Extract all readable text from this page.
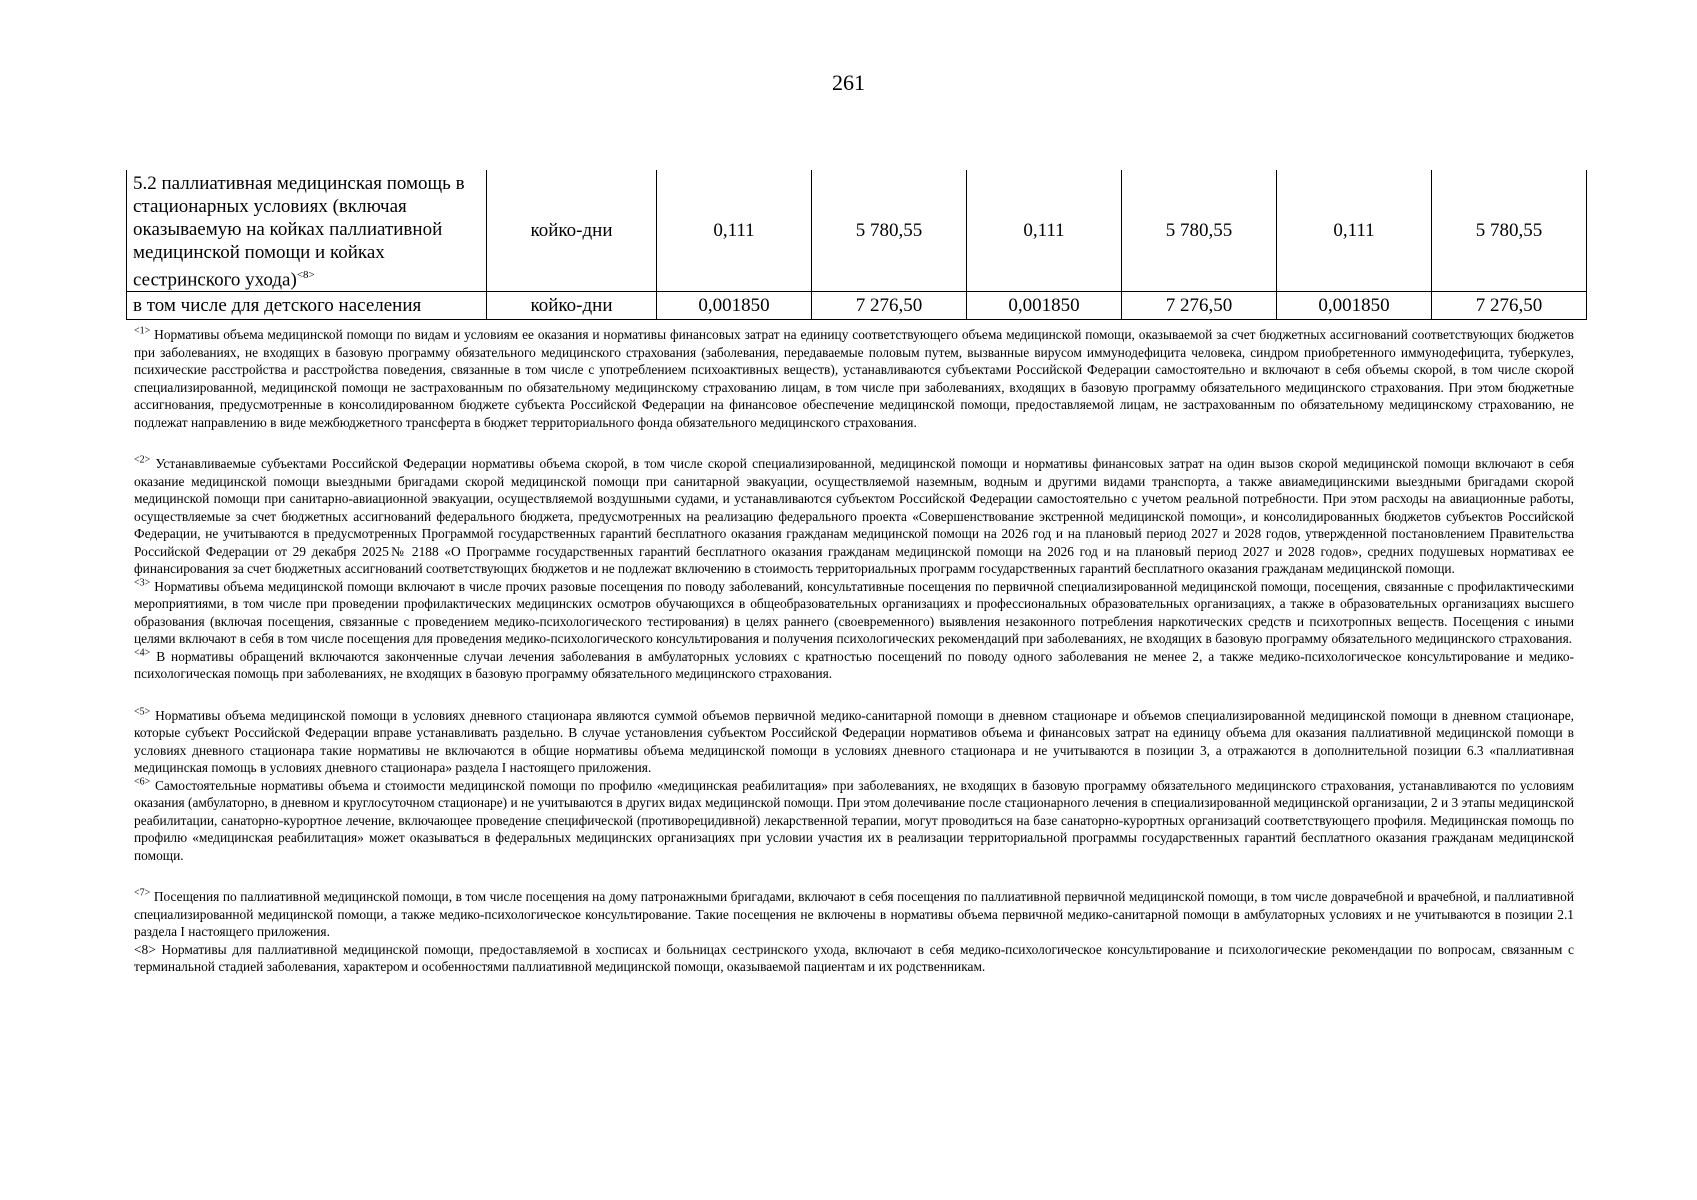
261
5.2 паллиативная медицинская помощь в стационарных условиях (включая оказываемую на койках паллиативной медицинской помощи и койках сестринского ухода)$^{<8>}$	койко-дни	0,111	5 780,55	0,111	5 780,55	0,111	5 780,55
в том числе для детского населения	койко-дни	0,001850	7 276,50	0,001850	7 276,50	0,001850	7 276,50

$^{<1>}$ Нормативы объема медицинской помощи по видам и условиям ее оказания и нормативы финансовых затрат на единицу соответствующего объема медицинской помощи, оказываемой за счет бюджетных ассигнований соответствующих бюджетов при заболеваниях, не входящих в базовую программу обязательного медицинского страхования (заболевания, передаваемые половым путем, вызванные вирусом иммунодефицита человека, синдром приобретенного иммунодефицита, туберкулез, психические расстройства и расстройства поведения, связанные в том числе с употреблением психоактивных веществ), устанавливаются субъектами Российской Федерации самостоятельно и включают в себя объемы скорой, в том числе скорой специализированной, медицинской помощи не застрахованным по обязательному медицинскому страхованию лицам, в том числе при заболеваниях, входящих в базовую программу обязательного медицинского страхования. При этом бюджетные ассигнования, предусмотренные в консолидированном бюджете субъекта Российской Федерации на финансовое обеспечение медицинской помощи, предоставляемой лицам, не застрахованным по обязательному медицинскому страхованию, не подлежат направлению в виде межбюджетного трансферта в бюджет территориального фонда обязательного медицинского страхования.

$^{<2>}$ Устанавливаемые субъектами Российской Федерации нормативы объема скорой, в том числе скорой специализированной, медицинской помощи и нормативы финансовых затрат на один вызов скорой медицинской помощи включают в себя оказание медицинской помощи выездными бригадами скорой медицинской помощи при санитарной эвакуации, осуществляемой наземным, водным и другими видами транспорта, а также авиамедицинскими выездными бригадами скорой медицинской помощи при санитарно-авиационной эвакуации, осуществляемой воздушными судами, и устанавливаются субъектом Российской Федерации самостоятельно с учетом реальной потребности. При этом расходы на авиационные работы, осуществляемые за счет бюджетных ассигнований федерального бюджета, предусмотренных на реализацию федерального проекта «Совершенствование экстренной медицинской помощи», и консолидированных бюджетов субъектов Российской Федерации, не учитываются в предусмотренных Программой государственных гарантий бесплатного оказания гражданам медицинской помощи на 2026 год и на плановый период 2027 и 2028 годов, утвержденной постановлением Правительства Российской Федерации от 29 декабря 2025№ 2188 «О Программе государственных гарантий бесплатного оказания гражданам медицинской помощи на 2026 год и на плановый период 2027 и 2028 годов», средних подушевых нормативах ее финансирования за счет бюджетных ассигнований соответствующих бюджетов и не подлежат включению в стоимость территориальных программ государственных гарантий бесплатного оказания гражданам медицинской помощи.

$^{<3>}$ Нормативы объема медицинской помощи включают в числе прочих разовые посещения по поводу заболеваний, консультативные посещения по первичной специализированной медицинской помощи, посещения, связанные с профилактическими мероприятиями, в том числе при проведении профилактических медицинских осмотров обучающихся в общеобразовательных организациях и профессиональных образовательных организациях, а также в образовательных организациях высшего образования (включая посещения, связанные с проведением медико-психологического тестирования) в целях раннего (своевременного) выявления незаконного потребления наркотических средств и психотропных веществ. Посещения с иными целями включают в себя в том числе посещения для проведения медико-психологического консультирования и получения психологических рекомендаций при заболеваниях, не входящих в базовую программу обязательного медицинского страхования.

$^{<4>}$ В нормативы обращений включаются законченные случаи лечения заболевания в амбулаторных условиях с кратностью посещений по поводу одного заболевания не менее 2, а также медико-психологическое консультирование и медико-психологическая помощь при заболеваниях, не входящих в базовую программу обязательного медицинского страхования.

$^{<5>}$ Нормативы объема медицинской помощи в условиях дневного стационара являются суммой объемов первичной медико-санитарной помощи в дневном стационаре и объемов специализированной медицинской помощи в дневном стационаре, которые субъект Российской Федерации вправе устанавливать раздельно. В случае установления субъектом Российской Федерации нормативов объема и финансовых затрат на единицу объема для оказания паллиативной медицинской помощи в условиях дневного стационара такие нормативы не включаются в общие нормативы объема медицинской помощи в условиях дневного стационара и не учитываются в позиции 3, а отражаются в дополнительной позиции 6.3 «паллиативная медицинская помощь в условиях дневного стационара» раздела I настоящего приложения.

$^{<6>}$ Самостоятельные нормативы объема и стоимости медицинской помощи по профилю «медицинская реабилитация» при заболеваниях, не входящих в базовую программу обязательного медицинского страхования, устанавливаются по условиям оказания (амбулаторно, в дневном и круглосуточном стационаре) и не учитываются в других видах медицинской помощи. При этом долечивание после стационарного лечения в специализированной медицинской организации, 2 и 3 этапы медицинской реабилитации, санаторно-курортное лечение, включающее проведение специфической (противорецидивной) лекарственной терапии, могут проводиться на базе санаторно-курортных организаций соответствующего профиля. Медицинская помощь по профилю «медицинская реабилитация» может оказываться в федеральных медицинских организациях при условии участия их в реализации территориальной программы государственных гарантий бесплатного оказания гражданам медицинской помощи.

$^{<7>}$ Посещения по паллиативной медицинской помощи, в том числе посещения на дому патронажными бригадами, включают в себя посещения по паллиативной первичной медицинской помощи, в том числе доврачебной и врачебной, и паллиативной специализированной медицинской помощи, а также медико-психологическое консультирование. Такие посещения не включены в нормативы объема первичной медико-санитарной помощи в амбулаторных условиях и не учитываются в позиции 2.1 раздела I настоящего приложения.

<8> Нормативы для паллиативной медицинской помощи, предоставляемой в хосписах и больницах сестринского ухода, включают в себя медико-психологическое консультирование и психологические рекомендации по вопросам, связанным с терминальной стадией заболевания, характером и особенностями паллиативной медицинской помощи, оказываемой пациентам и их родственникам.
